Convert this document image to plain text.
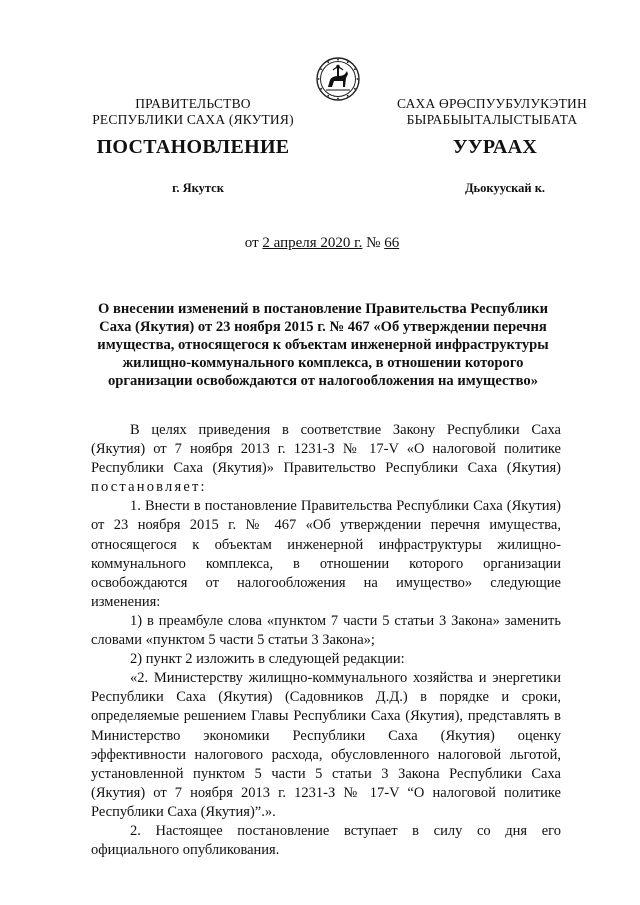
ПРАВИТЕЛЬСТВО
РЕСПУБЛИКИ САХА (ЯКУТИЯ)
САХА ӨРӨСПУУБУЛУКЭТИН
БЫРАБЫЫТАЛЫСТЫБАТА
ПОСТАНОВЛЕНИЕ	УУРААХ
г. Якутск	Дьокуускай к.
от 2 апреля 2020 г. № 66
О внесении изменений в постановление Правительства Республики
Саха (Якутия) от 23 ноября 2015 г. № 467 «Об утверждении перечня
имущества, относящегося к объектам инженерной инфраструктуры
жилищно-коммунального комплекса, в отношении которого
организации освобождаются от налогообложения на имущество»

В целях приведения в соответствие Закону Республики Саха (Якутия) от 7 ноября 2013 г. 1231-З № 17-V «О налоговой политике Республики Саха (Якутия)» Правительство Республики Саха (Якутия) постановляет:

1. Внести в постановление Правительства Республики Саха (Якутия) от 23 ноября 2015 г. № 467 «Об утверждении перечня имущества, относящегося к объектам инженерной инфраструктуры жилищно-коммунального комплекса, в отношении которого организации освобождаются от налогообложения на имущество» следующие изменения:

1) в преамбуле слова «пунктом 7 части 5 статьи 3 Закона» заменить словами «пунктом 5 части 5 статьи 3 Закона»;

2) пункт 2 изложить в следующей редакции:

«2. Министерству жилищно-коммунального хозяйства и энергетики Республики Саха (Якутия) (Садовников Д.Д.) в порядке и сроки, определяемые решением Главы Республики Саха (Якутия), представлять в Министерство экономики Республики Саха (Якутия) оценку эффективности налогового расхода, обусловленного налоговой льготой, установленной пунктом 5 части 5 статьи 3 Закона Республики Саха (Якутия) от 7 ноября 2013 г. 1231-З № 17-V “О налоговой политике Республики Саха (Якутия)”.».

2. Настоящее постановление вступает в силу со дня его официального опубликования.
